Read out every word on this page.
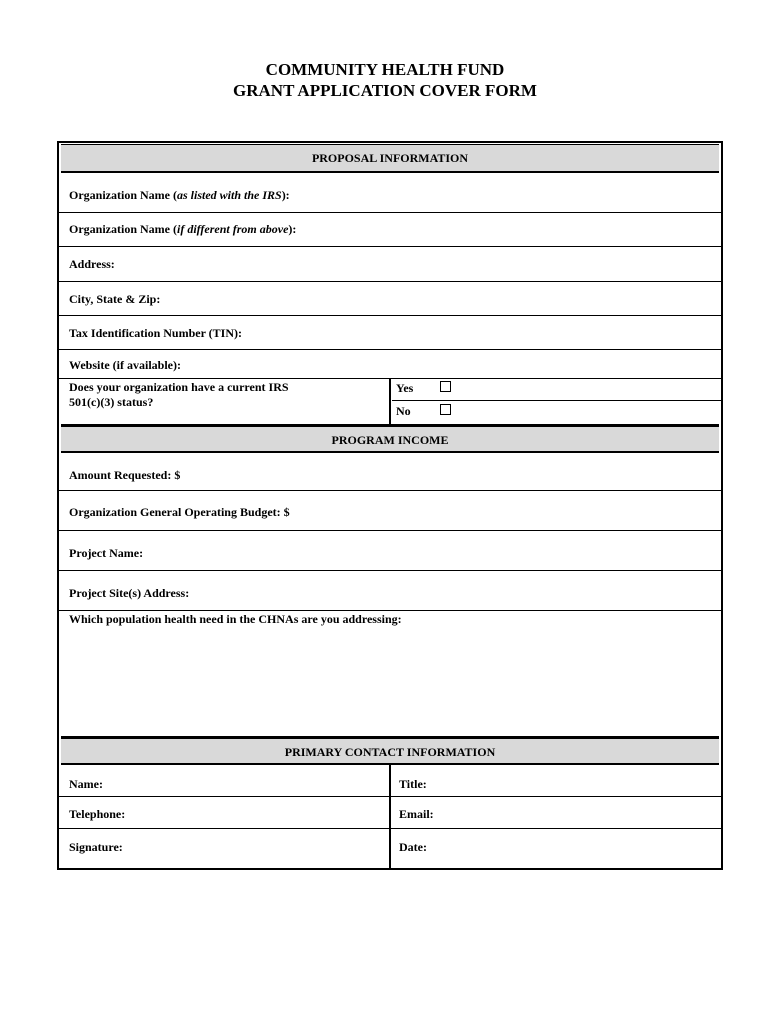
COMMUNITY HEALTH FUND
GRANT APPLICATION COVER FORM
PROPOSAL INFORMATION
Organization Name (as listed with the IRS):
Organization Name (if different from above):
Address:
City, State & Zip:
Tax Identification Number (TIN):
Website (if available):
Does your organization have a current IRS
501(c)(3) status?
Yes
No
PROGRAM INCOME
Amount Requested: $
Organization General Operating Budget: $
Project Name:
Project Site(s) Address:
Which population health need in the CHNAs are you addressing:
PRIMARY CONTACT INFORMATION
Name:	Title:
Telephone:	Email:
Signature:	Date:
